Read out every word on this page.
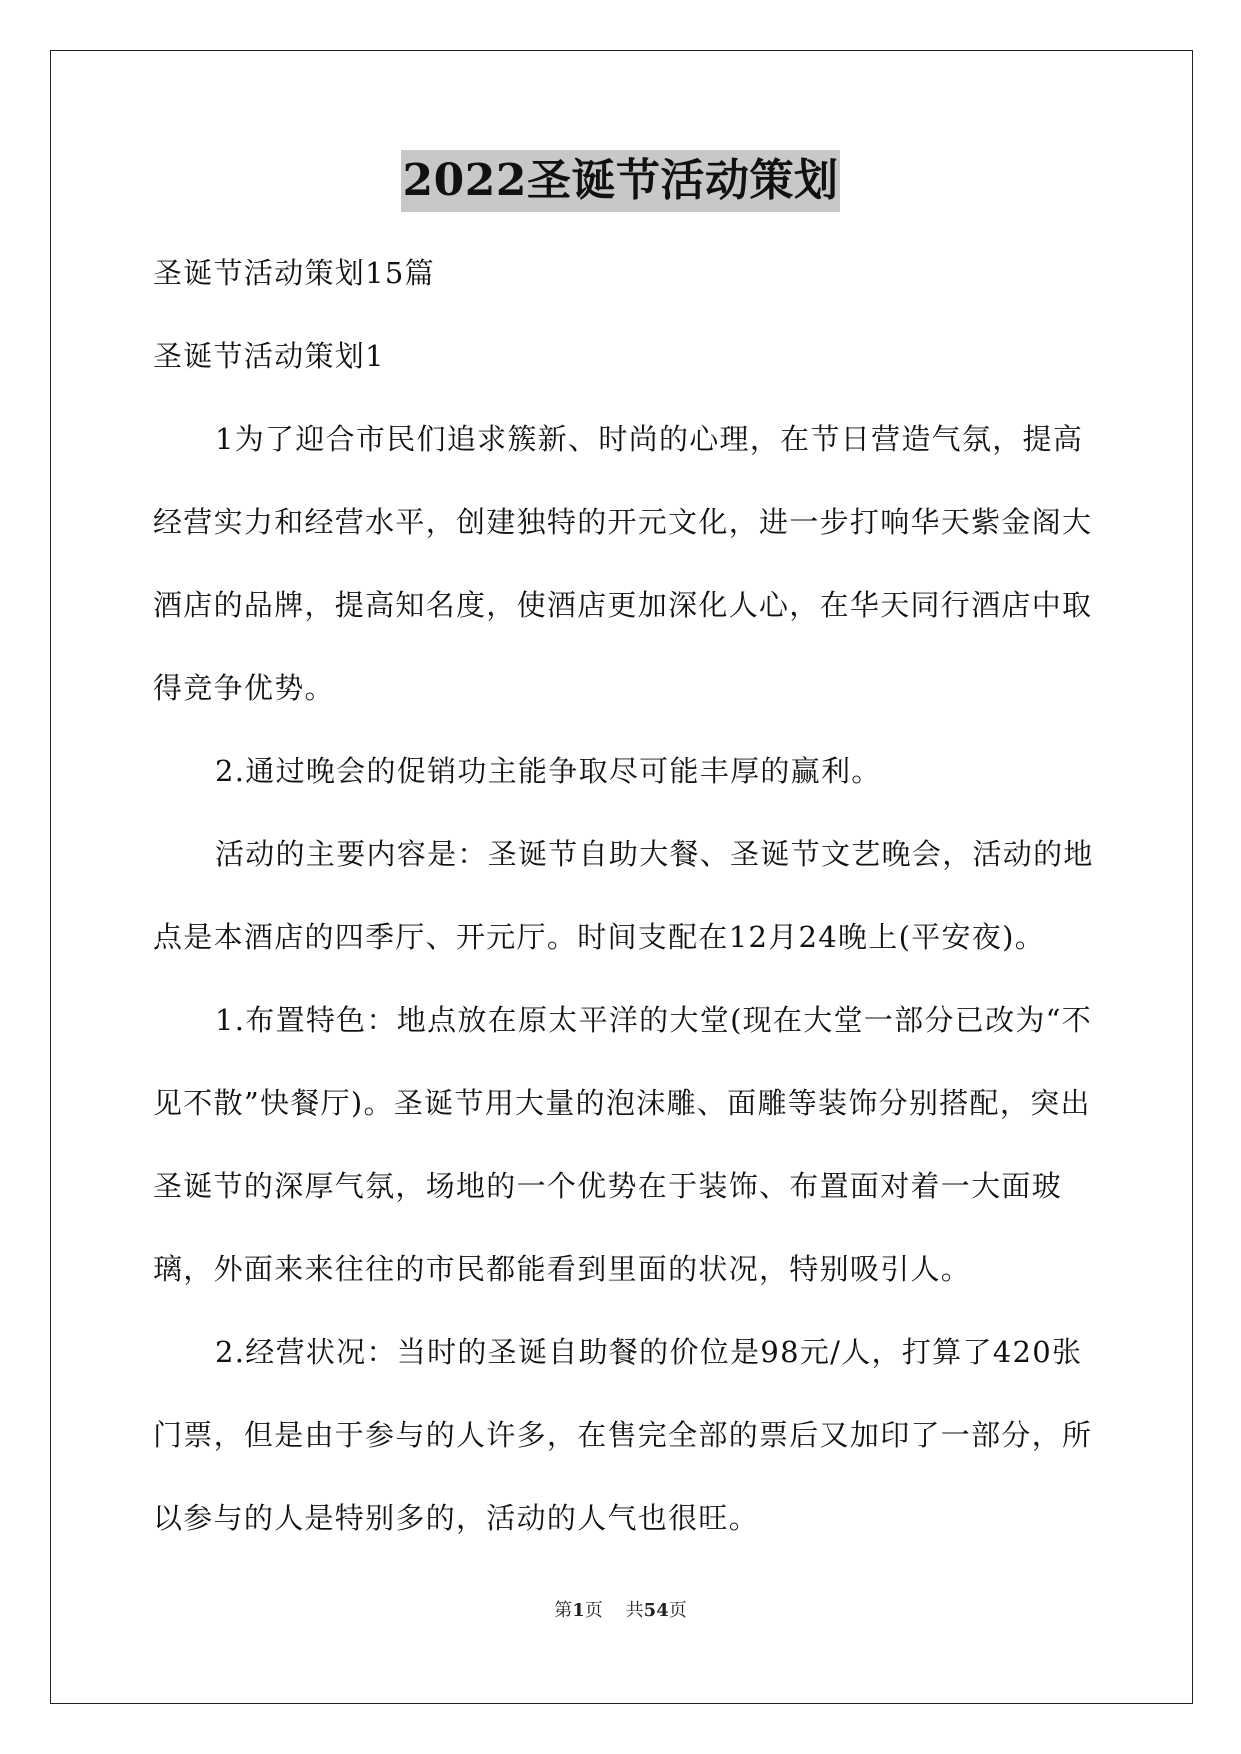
2022圣诞节活动策划

圣诞节活动策划15篇

圣诞节活动策划1

1为了迎合市民们追求簇新、时尚的心理，在节日营造气氛，提高经营实力和经营水平，创建独特的开元文化，进一步打响华天紫金阁大酒店的品牌，提高知名度，使酒店更加深化人心，在华天同行酒店中取得竞争优势。

2.通过晚会的促销功主能争取尽可能丰厚的赢利。

活动的主要内容是：圣诞节自助大餐、圣诞节文艺晚会，活动的地点是本酒店的四季厅、开元厅。时间支配在12月24晚上(平安夜)。

1.布置特色：地点放在原太平洋的大堂(现在大堂一部分已改为“不见不散”快餐厅)。圣诞节用大量的泡沫雕、面雕等装饰分别搭配，突出圣诞节的深厚气氛，场地的一个优势在于装饰、布置面对着一大面玻璃，外面来来往往的市民都能看到里面的状况，特别吸引人。

2.经营状况：当时的圣诞自助餐的价位是98元/人，打算了420张门票，但是由于参与的人许多，在售完全部的票后又加印了一部分，所以参与的人是特别多的，活动的人气也很旺。

第1页 共54页
